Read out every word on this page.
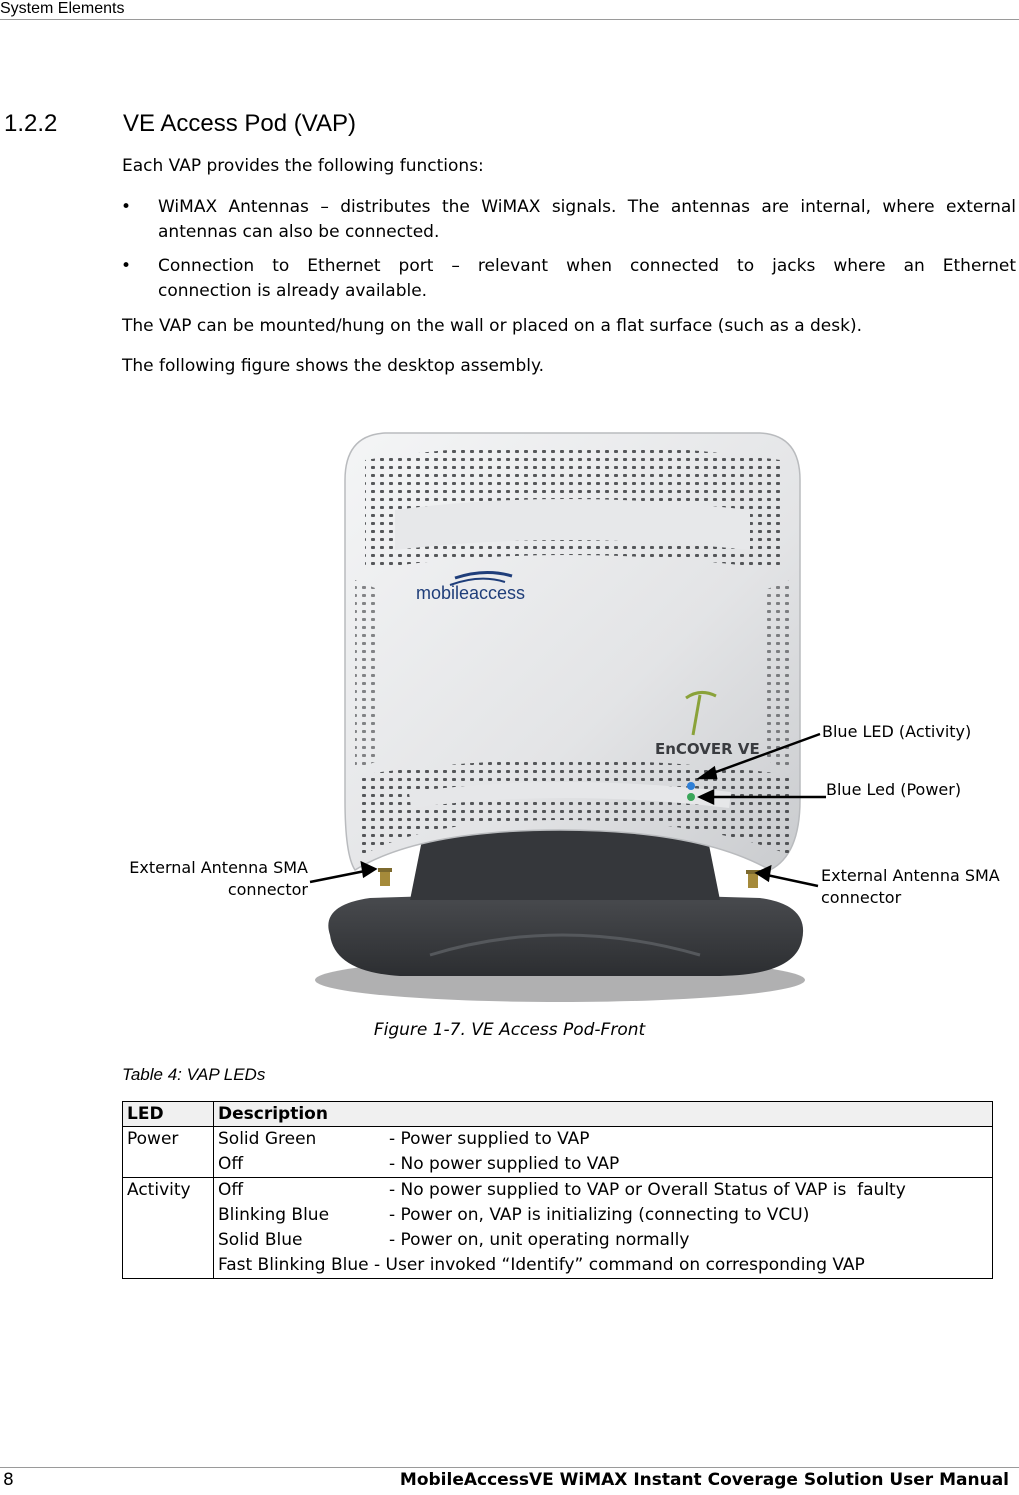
System Elements
1.2.2	VE Access Pod (VAP)
Each VAP provides the following functions:
• WiMAX Antennas – distributes the WiMAX signals. The antennas are internal, where external
antennas can also be connected.
• Connection to Ethernet port – relevant when connected to jacks where an Ethernet
connection is already available.
The VAP can be mounted/hung on the wall or placed on a flat surface (such as a desk).
The following figure shows the desktop assembly.
mobileaccess
EnCOVER VE
Blue LED (Activity)
Blue Led (Power)
External Antenna SMA
connector
External Antenna SMA
connector
Figure 1-7. VE Access Pod-Front
Table 4: VAP LEDs
LED	Description
Power	Solid Green - Power supplied to VAP
Off - No power supplied to VAP

Activity	Off - No power supplied to VAP or Overall Status of VAP is  faulty
Blinking Blue - Power on, VAP is initializing (connecting to VCU)
Solid Blue - Power on, unit operating normally
Fast Blinking Blue - User invoked “Identify” command on corresponding VAP
8	MobileAccessVE WiMAX Instant Coverage Solution User Manual
